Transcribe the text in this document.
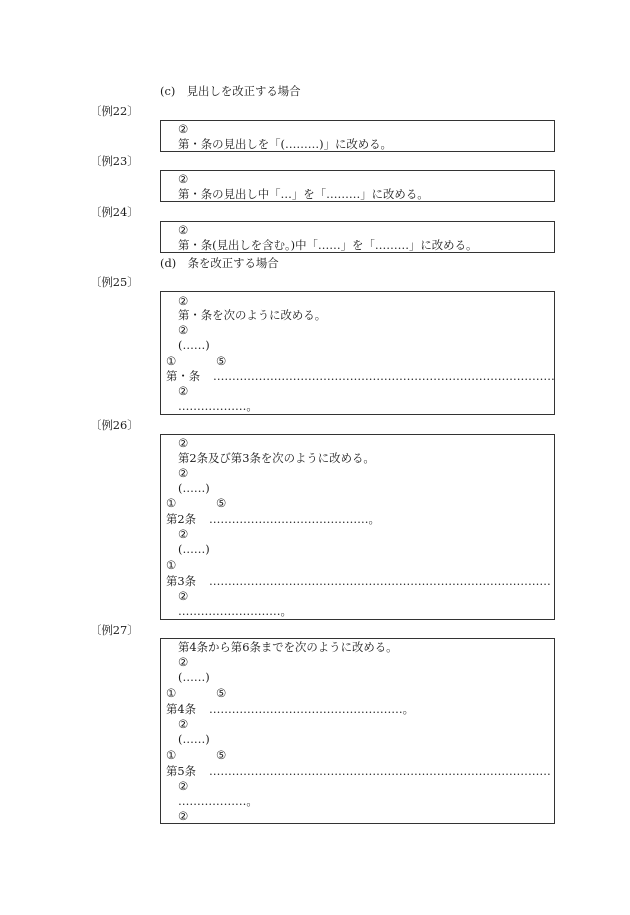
(c)　見出しを改正する場合
〔例22〕
②
第・条の見出しを「(………)」に改める。
〔例23〕
②
第・条の見出し中「…」を「………」に改める。
〔例24〕
②
第・条(見出しを含む。)中「……」を「………」に改める。
(d)　条を改正する場合
〔例25〕
②
第・条を次のように改める。
②
(……)
①	⑤
第・条 ………………………………………………………………………………
②
………………。
〔例26〕
②
第2条及び第3条を次のように改める。
②
(……)
①	⑤
第2条 ……………………………………。
②
(……)
①
第3条 ………………………………………………………………………………
②
………………………。
〔例27〕
第4条から第6条までを次のように改める。
②
(……)
①	⑤
第4条 ……………………………………………。
②
(……)
①	⑤
第5条 ………………………………………………………………………………
②
………………。
②
